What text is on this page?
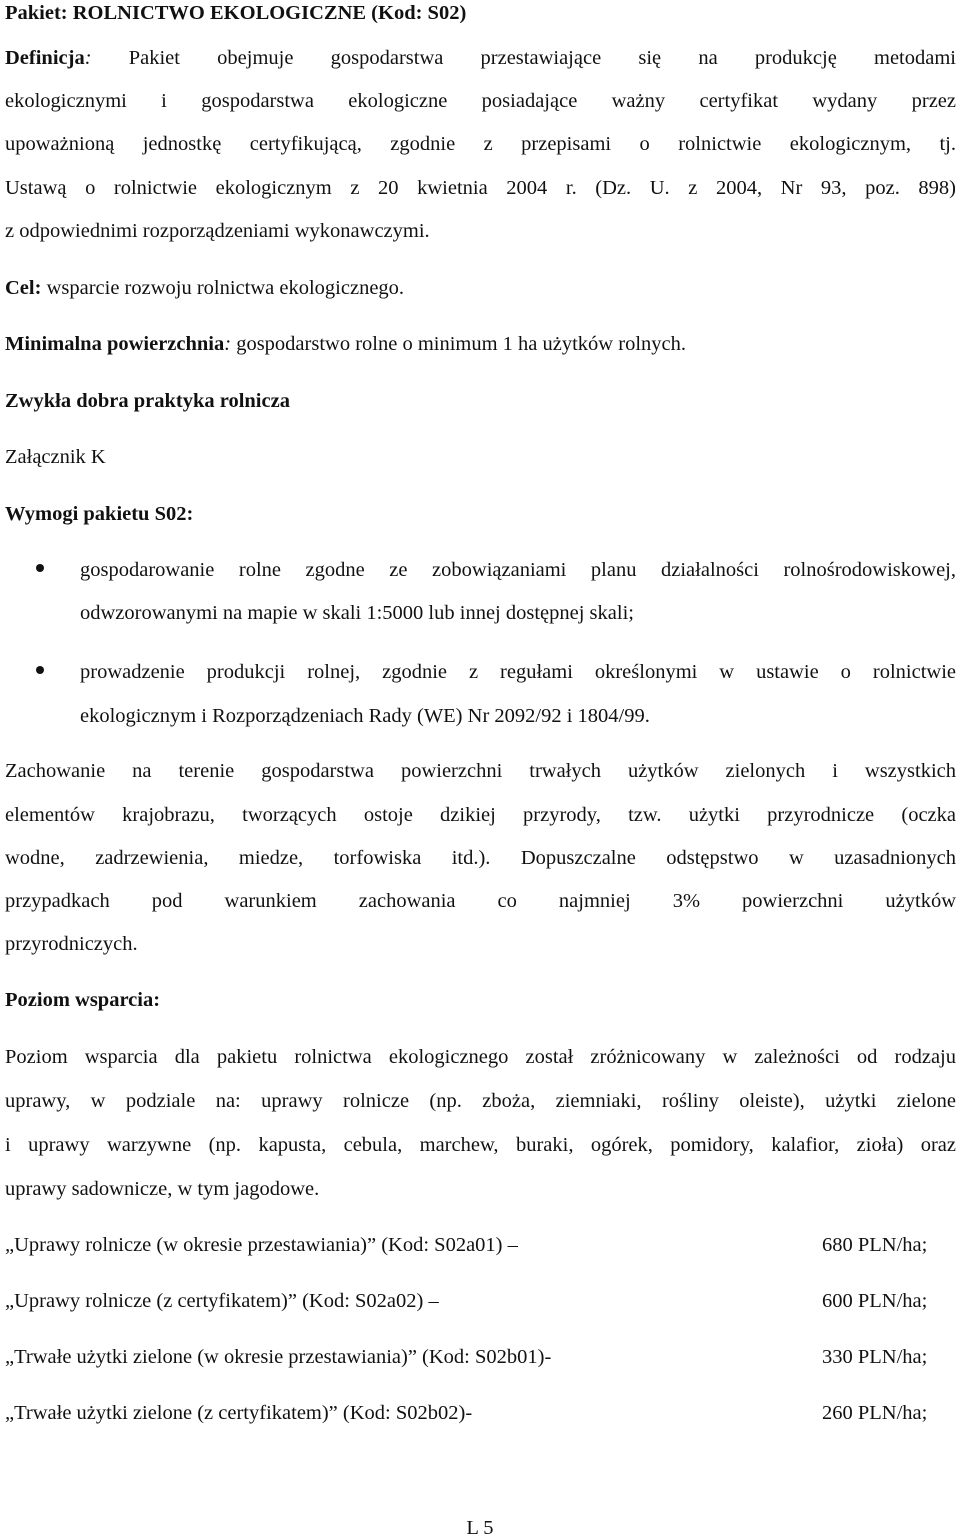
Pakiet: ROLNICTWO EKOLOGICZNE (Kod: S02)
Definicja: Pakiet obejmuje gospodarstwa przestawiające się na produkcję metodami
ekologicznymi i gospodarstwa ekologiczne posiadające ważny certyfikat wydany przez
upoważnioną jednostkę certyfikującą, zgodnie z przepisami o rolnictwie ekologicznym, tj.
Ustawą o rolnictwie ekologicznym z 20 kwietnia 2004 r. (Dz. U. z 2004, Nr 93, poz. 898)
z odpowiednimi rozporządzeniami wykonawczymi.
Cel: wsparcie rozwoju rolnictwa ekologicznego.
Minimalna powierzchnia: gospodarstwo rolne o minimum 1 ha użytków rolnych.
Zwykła dobra praktyka rolnicza
Załącznik K
Wymogi pakietu S02:
gospodarowanie rolne zgodne ze zobowiązaniami planu działalności rolnośrodowiskowej,
odwzorowanymi na mapie w skali 1:5000 lub innej dostępnej skali;
prowadzenie produkcji rolnej, zgodnie z regułami określonymi w ustawie o rolnictwie
ekologicznym i Rozporządzeniach Rady (WE) Nr 2092/92 i 1804/99.
Zachowanie na terenie gospodarstwa powierzchni trwałych użytków zielonych i wszystkich
elementów krajobrazu, tworzących ostoje dzikiej przyrody, tzw. użytki przyrodnicze (oczka
wodne, zadrzewienia, miedze, torfowiska itd.). Dopuszczalne odstępstwo w uzasadnionych
przypadkach pod warunkiem zachowania co najmniej 3% powierzchni użytków
przyrodniczych.
Poziom wsparcia:
Poziom wsparcia dla pakietu rolnictwa ekologicznego został zróżnicowany w zależności od rodzaju
uprawy, w podziale na: uprawy rolnicze (np. zboża, ziemniaki, rośliny oleiste), użytki zielone
i uprawy warzywne (np. kapusta, cebula, marchew, buraki, ogórek, pomidory, kalafior, zioła) oraz
uprawy sadownicze, w tym jagodowe.
„Uprawy rolnicze (w okresie przestawiania)” (Kod: S02a01) –	680 PLN/ha;
„Uprawy rolnicze (z certyfikatem)” (Kod: S02a02) –	600 PLN/ha;
„Trwałe użytki zielone (w okresie przestawiania)” (Kod: S02b01)-	330 PLN/ha;
„Trwałe użytki zielone (z certyfikatem)” (Kod: S02b02)-	260 PLN/ha;
L 5
